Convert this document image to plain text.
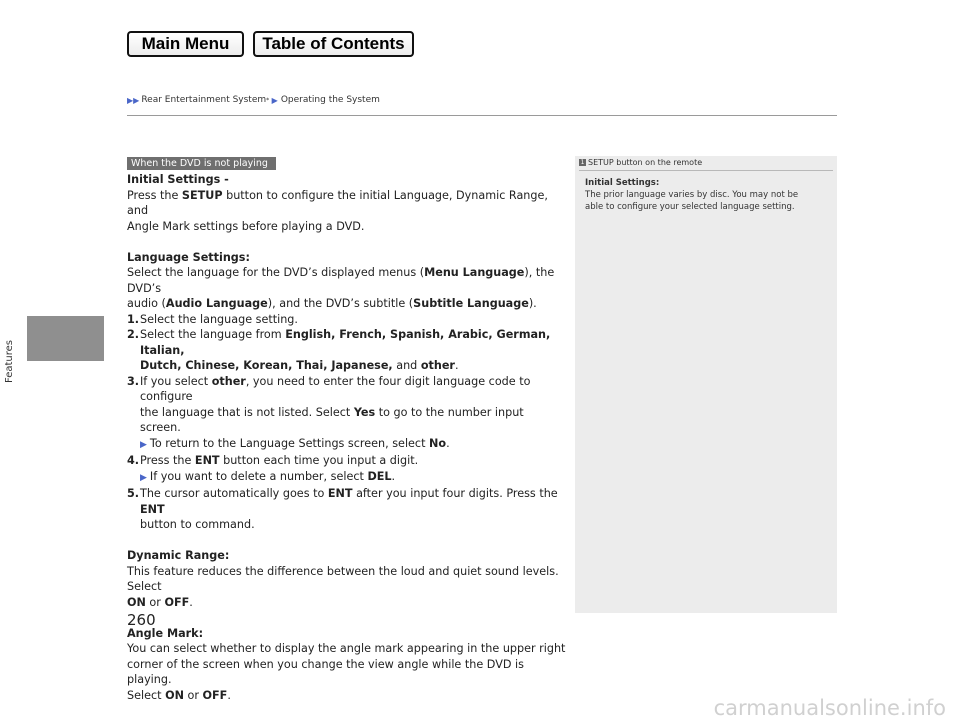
Main Menu	Table of Contents
▶▶ Rear Entertainment System * ▶ Operating the System
Features
When the DVD is not playing
Initial Settings -
Press the SETUP button to configure the initial Language, Dynamic Range, and
Angle Mark settings before playing a DVD.
Language Settings:
Select the language for the DVD’s displayed menus (Menu Language), the DVD’s
audio (Audio Language), and the DVD’s subtitle (Subtitle Language).
1. Select the language setting.
2. Select the language from English, French, Spanish, Arabic, German, Italian,
Dutch, Chinese, Korean, Thai, Japanese, and other.
3. If you select other, you need to enter the four digit language code to configure
the language that is not listed. Select Yes to go to the number input screen.
▶ To return to the Language Settings screen, select No.
4. Press the ENT button each time you input a digit.
▶ If you want to delete a number, select DEL.
5. The cursor automatically goes to ENT after you input four digits. Press the ENT
button to command.
Dynamic Range:
This feature reduces the difference between the loud and quiet sound levels. Select
ON or OFF.
Angle Mark:
You can select whether to display the angle mark appearing in the upper right
corner of the screen when you change the view angle while the DVD is playing.
Select ON or OFF.
1 SETUP button on the remote
Initial Settings:
The prior language varies by disc. You may not be
able to configure your selected language setting.
260
carmanualsonline.info
